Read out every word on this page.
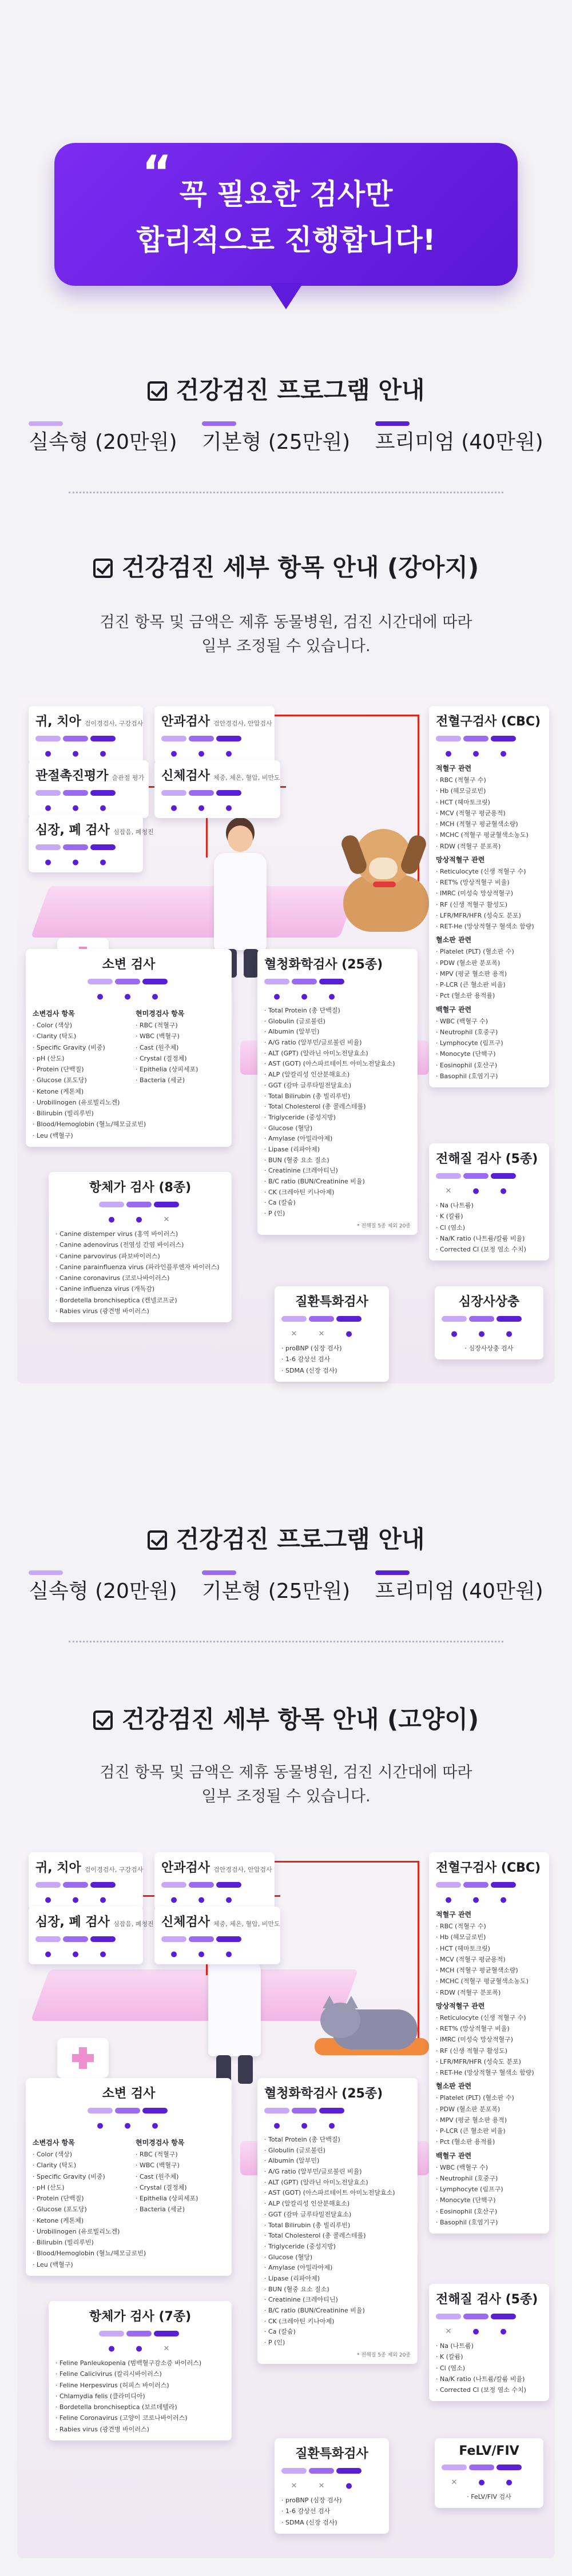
“ 꼭 필요한 검사만
합리적으로 진행합니다!
건강검진 프로그램 안내
실속형 (20만원) 기본형 (25만원) 프리미엄 (40만원)
건강검진 세부 항목 안내 (강아지)
검진 항목 및 금액은 제휴 동물병원, 검진 시간대에 따라
일부 조정될 수 있습니다.
귀, 치아 검이경검사, 구강검사
●	●	●
안과검사 검안경검사, 안압검사
●	●	●
관절촉진평가 슬관절 평가
●	●	●
신체검사 체중, 체온, 혈압, 비만도
●	●	●
심장, 폐 검사 심잡음, 폐청진
●	●	●
전혈구검사 (CBC)
●	●	●
적혈구 관련
· RBC (적혈구 수)
· Hb (헤모글로빈)
· HCT (헤마토크릿)
· MCV (적혈구 평균용적)
· MCH (적혈구 평균혈색소량)
· MCHC (적혈구 평균혈색소농도)
· RDW (적혈구 분포폭)
망상적혈구 관련
· Reticulocyte (신생 적혈구 수)
· RET% (망상적혈구 비율)
· IMRC (미성숙 망상적혈구)
· RF (신생 적혈구 활성도)
· LFR/MFR/HFR (성숙도 분포)
· RET-He (망상적혈구 혈색소 함량)
혈소판 관련
· Platelet (PLT) (혈소판 수)
· PDW (혈소판 분포폭)
· MPV (평균 혈소판 용적)
· P-LCR (큰 혈소판 비율)
· Pct (혈소판 용적률)
백혈구 관련
· WBC (백혈구 수)
· Neutrophil (호중구)
· Lymphocyte (림프구)
· Monocyte (단핵구)
· Eosinophil (호산구)
· Basophil (호염기구)
소변 검사
●	●	●
소변검사 항목
· Color (색상)
· Clarity (탁도)
· Specific Gravity (비중)
· pH (산도)
· Protein (단백질)
· Glucose (포도당)
· Ketone (케톤체)
· Urobilinogen (유로빌리노겐)
· Bilirubin (빌리루빈)
· Blood/Hemoglobin (혈뇨/헤모글로빈)
· Leu (백혈구)
현미경검사 항목
· RBC (적혈구)
· WBC (백혈구)
· Cast (원주체)
· Crystal (결정체)
· Epithelia (상피세포)
· Bacteria (세균)
혈청화학검사 (25종)
●	●	●
· Total Protein (총 단백질)
· Globulin (글로불린)
· Albumin (알부민)
· A/G ratio (알부민/글로불린 비율)
· ALT (GPT) (알라닌 아미노전달효소)
· AST (GOT) (아스파르테이트 아미노전달효소)
· ALP (알칼리성 인산분해효소)
· GGT (감마 글루타밀전달효소)
· Total Bilirubin (총 빌리루빈)
· Total Cholesterol (총 콜레스테롤)
· Triglyceride (중성지방)
· Glucose (혈당)
· Amylase (아밀라아제)
· Lipase (리파아제)
· BUN (혈중 요소 질소)
· Creatinine (크레아티닌)
· B/C ratio (BUN/Creatinine 비율)
· CK (크레아틴 키나아제)
· Ca (칼슘)
· P (인)
* 전해질 5종 제외 20종
전해질 검사 (5종)
✕	●	●
· Na (나트륨)
· K (칼륨)
· Cl (염소)
· Na/K ratio (나트륨/칼륨 비율)
· Corrected Cl (보정 염소 수치)
항체가 검사 (8종)
●	●	✕
· Canine distemper virus (홍역 바이러스)
· Canine adenovirus (전염성 간염 바이러스)
· Canine parvovirus (파보바이러스)
· Canine parainfluenza virus (파라인플루엔자 바이러스)
· Canine coronavirus (코로나바이러스)
· Canine influenza virus (개독감)
· Bordetella bronchiseptica (켄넬코프균)
· Rabies virus (광견병 바이러스)
질환특화검사
✕	✕	●
· proBNP (심장 검사)
· 1-6 감상선 검사
· SDMA (신장 검사)
심장사상충
●	●	●
· 심장사상충 검사
건강검진 프로그램 안내
실속형 (20만원) 기본형 (25만원) 프리미엄 (40만원)
건강검진 세부 항목 안내 (고양이)
검진 항목 및 금액은 제휴 동물병원, 검진 시간대에 따라
일부 조정될 수 있습니다.
귀, 치아 검이경검사, 구강검사
●	●	●
안과검사 검안경검사, 안압검사
●	●	●
심장, 폐 검사 심잡음, 폐청진
●	●	●
신체검사 체중, 체온, 혈압, 비만도
●	●	●
전혈구검사 (CBC)
●	●	●
적혈구 관련
· RBC (적혈구 수)
· Hb (헤모글로빈)
· HCT (헤마토크릿)
· MCV (적혈구 평균용적)
· MCH (적혈구 평균혈색소량)
· MCHC (적혈구 평균혈색소농도)
· RDW (적혈구 분포폭)
망상적혈구 관련
· Reticulocyte (신생 적혈구 수)
· RET% (망상적혈구 비율)
· IMRC (미성숙 망상적혈구)
· RF (신생 적혈구 활성도)
· LFR/MFR/HFR (성숙도 분포)
· RET-He (망상적혈구 혈색소 함량)
혈소판 관련
· Platelet (PLT) (혈소판 수)
· PDW (혈소판 분포폭)
· MPV (평균 혈소판 용적)
· P-LCR (큰 혈소판 비율)
· Pct (혈소판 용적률)
백혈구 관련
· WBC (백혈구 수)
· Neutrophil (호중구)
· Lymphocyte (림프구)
· Monocyte (단핵구)
· Eosinophil (호산구)
· Basophil (호염기구)
소변 검사
●	●	●
소변검사 항목
· Color (색상)
· Clarity (탁도)
· Specific Gravity (비중)
· pH (산도)
· Protein (단백질)
· Glucose (포도당)
· Ketone (케톤체)
· Urobilinogen (유로빌리노겐)
· Bilirubin (빌리루빈)
· Blood/Hemoglobin (혈뇨/헤모글로빈)
· Leu (백혈구)
현미경검사 항목
· RBC (적혈구)
· WBC (백혈구)
· Cast (원주체)
· Crystal (결정체)
· Epithelia (상피세포)
· Bacteria (세균)
혈청화학검사 (25종)
●	●	●
· Total Protein (총 단백질)
· Globulin (글로불린)
· Albumin (알부민)
· A/G ratio (알부민/글로불린 비율)
· ALT (GPT) (알라닌 아미노전달효소)
· AST (GOT) (아스파르테이트 아미노전달효소)
· ALP (알칼리성 인산분해효소)
· GGT (감마 글루타밀전달효소)
· Total Bilirubin (총 빌리루빈)
· Total Cholesterol (총 콜레스테롤)
· Triglyceride (중성지방)
· Glucose (혈당)
· Amylase (아밀라아제)
· Lipase (리파아제)
· BUN (혈중 요소 질소)
· Creatinine (크레아티닌)
· B/C ratio (BUN/Creatinine 비율)
· CK (크레아틴 키나아제)
· Ca (칼슘)
· P (인)
* 전해질 5종 제외 20종
전해질 검사 (5종)
✕	●	●
· Na (나트륨)
· K (칼륨)
· Cl (염소)
· Na/K ratio (나트륨/칼륨 비율)
· Corrected Cl (보정 염소 수치)
항체가 검사 (7종)
●	●	✕
· Feline Panleukopenia (범백혈구감소증 바이러스)
· Feline Calicivirus (칼리시바이러스)
· Feline Herpesvirus (허피스 바이러스)
· Chlamydia felis (클라미디아)
· Bordetella bronchiseptica (보르데텔라)
· Feline Coronavirus (고양이 코로나바이러스)
· Rabies virus (광견병 바이러스)
질환특화검사
✕	✕	●
· proBNP (심장 검사)
· 1-6 감상선 검사
· SDMA (신장 검사)
FeLV/FIV
✕	●	●
· FeLV/FIV 검사
